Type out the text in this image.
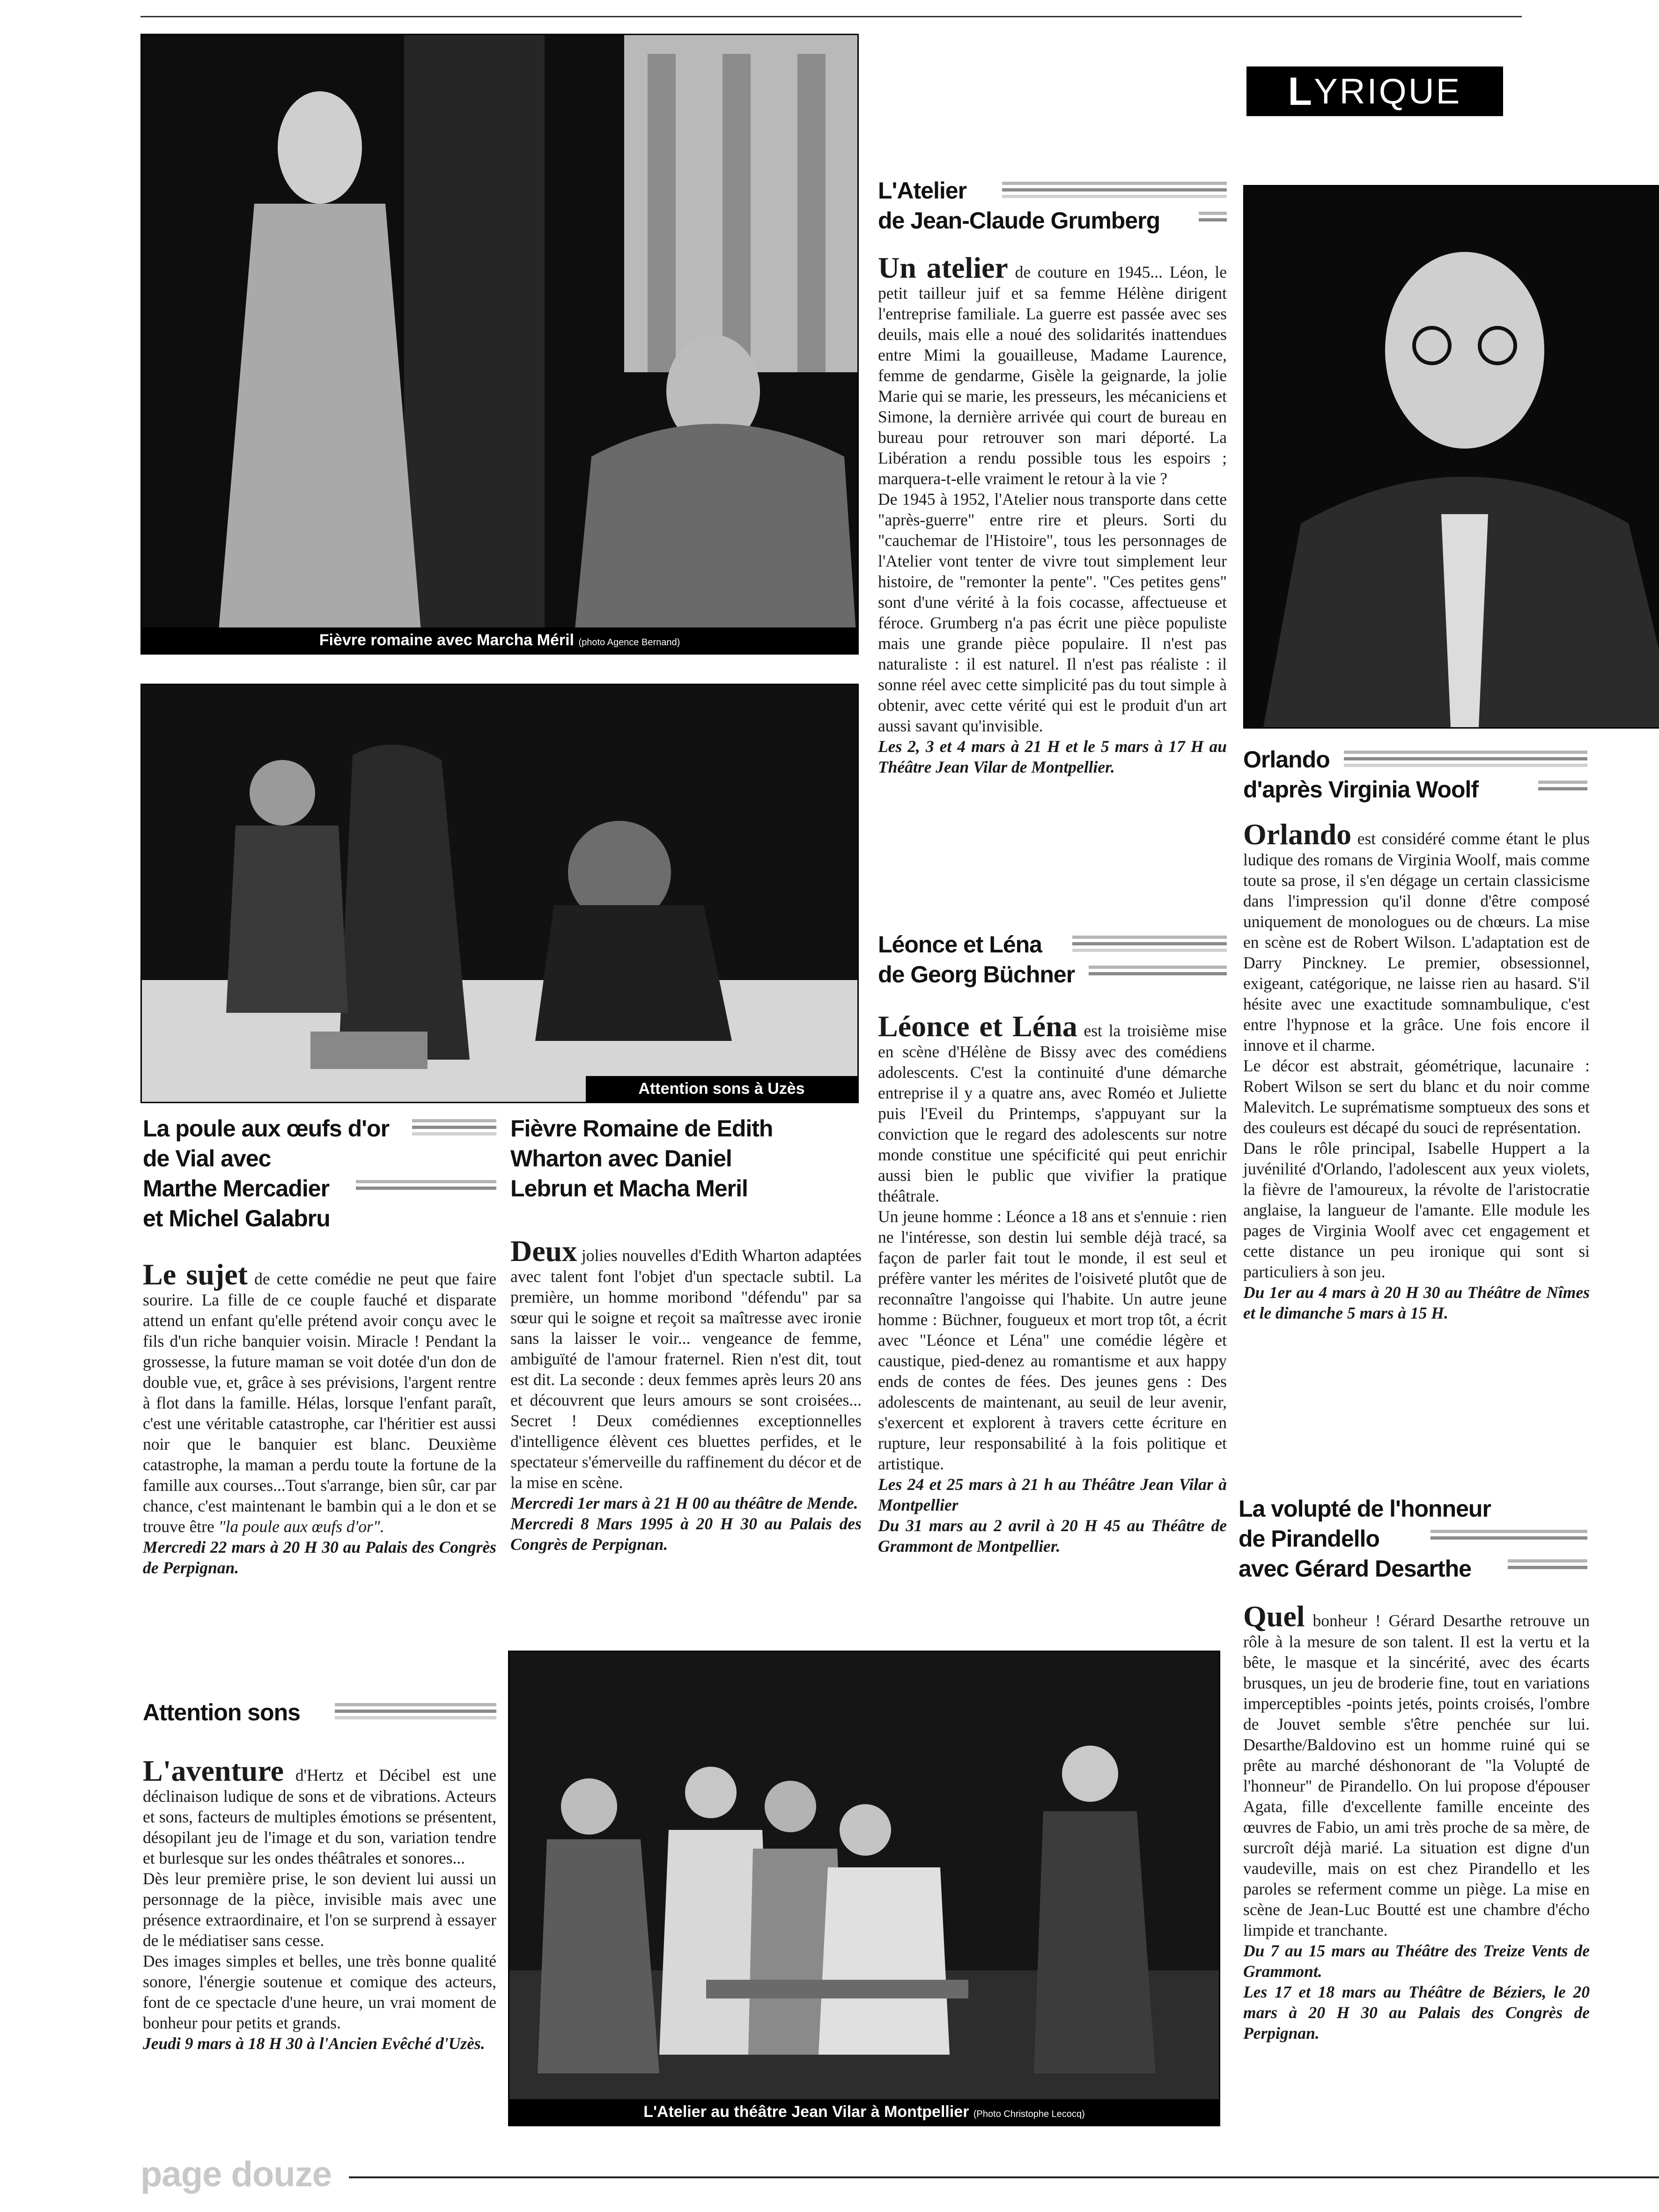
L YRIQUE
Fièvre romaine avec Marcha Méril (photo Agence Bernand)
Attention sons à Uzès
L'Atelier au théâtre Jean Vilar à Montpellier (Photo Christophe Lecocq)
La poule aux œufs d'or
de Vial avec
Marthe Mercadier
et Michel Galabru

Le sujet de cette comédie ne peut que faire sourire. La fille de ce couple fauché et disparate attend un enfant qu'elle prétend avoir conçu avec le fils d'un riche banquier voisin. Miracle ! Pendant la grossesse, la future maman se voit dotée d'un don de double vue, et, grâce à ses prévisions, l'argent rentre à flot dans la famille. Hélas, lorsque l'enfant paraît, c'est une véritable catastrophe, car l'héritier est aussi noir que le banquier est blanc. Deuxième catastrophe, la maman a perdu toute la fortune de la famille aux courses...Tout s'arrange, bien sûr, car par chance, c'est maintenant le bambin qui a le don et se trouve être "la poule aux œufs d'or".

Mercredi 22 mars à 20 H 30 au Palais des Congrès de Perpignan.

Attention sons

L'aventure d'Hertz et Décibel est une déclinaison ludique de sons et de vibrations. Acteurs et sons, facteurs de multiples émotions se présentent, désopilant jeu de l'image et du son, variation tendre et burlesque sur les ondes théâtrales et sonores...

Dès leur première prise, le son devient lui aussi un personnage de la pièce, invisible mais avec une présence extraordinaire, et l'on se surprend à essayer de le médiatiser sans cesse.

Des images simples et belles, une très bonne qualité sonore, l'énergie soutenue et comique des acteurs, font de ce spectacle d'une heure, un vrai moment de bonheur pour petits et grands.

Jeudi 9 mars à 18 H 30 à l'Ancien Evêché d'Uzès.

Fièvre Romaine de Edith
Wharton avec Daniel
Lebrun et Macha Meril

Deux jolies nouvelles d'Edith Wharton adaptées avec talent font l'objet d'un spectacle subtil. La première, un homme moribond "défendu" par sa sœur qui le soigne et reçoit sa maîtresse avec ironie sans la laisser le voir... vengeance de femme, ambiguïté de l'amour fraternel. Rien n'est dit, tout est dit. La seconde : deux femmes après leurs 20 ans et découvrent que leurs amours se sont croisées... Secret ! Deux comédiennes exceptionnelles d'intelligence élèvent ces bluettes perfides, et le spectateur s'émerveille du raffinement du décor et de la mise en scène.

Mercredi 1er mars à 21 H 00 au théâtre de Mende.

Mercredi 8 Mars 1995 à 20 H 30 au Palais des Congrès de Perpignan.

L'Atelier
de Jean-Claude Grumberg

Un atelier de couture en 1945... Léon, le petit tailleur juif et sa femme Hélène dirigent l'entreprise familiale. La guerre est passée avec ses deuils, mais elle a noué des solidarités inattendues entre Mimi la gouailleuse, Madame Laurence, femme de gendarme, Gisèle la geignarde, la jolie Marie qui se marie, les presseurs, les mécaniciens et Simone, la dernière arrivée qui court de bureau en bureau pour retrouver son mari déporté. La Libération a rendu possible tous les espoirs ; marquera-t-elle vraiment le retour à la vie ?

De 1945 à 1952, l'Atelier nous transporte dans cette "après-guerre" entre rire et pleurs. Sorti du "cauchemar de l'Histoire", tous les personnages de l'Atelier vont tenter de vivre tout simplement leur histoire, de "remonter la pente". "Ces petites gens" sont d'une vérité à la fois cocasse, affectueuse et féroce. Grumberg n'a pas écrit une pièce populiste mais une grande pièce populaire. Il n'est pas naturaliste : il est naturel. Il n'est pas réaliste : il sonne réel avec cette simplicité pas du tout simple à obtenir, avec cette vérité qui est le produit d'un art aussi savant qu'invisible.

Les 2, 3 et 4 mars à 21 H et le 5 mars à 17 H au Théâtre Jean Vilar de Montpellier.

Léonce et Léna
de Georg Büchner

Léonce et Léna est la troisième mise en scène d'Hélène de Bissy avec des comédiens adolescents. C'est la continuité d'une démarche entreprise il y a quatre ans, avec Roméo et Juliette puis l'Eveil du Printemps, s'appuyant sur la conviction que le regard des adolescents sur notre monde constitue une spécificité qui peut enrichir aussi bien le public que vivifier la pratique théâtrale.

Un jeune homme : Léonce a 18 ans et s'ennuie : rien ne l'intéresse, son destin lui semble déjà tracé, sa façon de parler fait tout le monde, il est seul et préfère vanter les mérites de l'oisiveté plutôt que de reconnaître l'angoisse qui l'habite. Un autre jeune homme : Büchner, fougueux et mort trop tôt, a écrit avec "Léonce et Léna" une comédie légère et caustique, pied-denez au romantisme et aux happy ends de contes de fées. Des jeunes gens : Des adolescents de maintenant, au seuil de leur avenir, s'exercent et explorent à travers cette écriture en rupture, leur responsabilité à la fois politique et artistique.

Les 24 et 25 mars à 21 h au Théâtre Jean Vilar à Montpellier

Du 31 mars au 2 avril à 20 H 45 au Théâtre de Grammont de Montpellier.

Orlando
d'après Virginia Woolf

Orlando est considéré comme étant le plus ludique des romans de Virginia Woolf, mais comme toute sa prose, il s'en dégage un certain classicisme dans l'impression qu'il donne d'être composé uniquement de monologues ou de chœurs. La mise en scène est de Robert Wilson. L'adaptation est de Darry Pinckney. Le premier, obsessionnel, exigeant, catégorique, ne laisse rien au hasard. S'il hésite avec une exactitude somnambulique, c'est entre l'hypnose et la grâce. Une fois encore il innove et il charme.

Le décor est abstrait, géométrique, lacunaire : Robert Wilson se sert du blanc et du noir comme Malevitch. Le suprématisme somptueux des sons et des couleurs est décapé du souci de représentation.

Dans le rôle principal, Isabelle Huppert a la juvénilité d'Orlando, l'adolescent aux yeux violets, la fièvre de l'amoureux, la révolte de l'aristocratie anglaise, la langueur de l'amante. Elle module les pages de Virginia Woolf avec cet engagement et cette distance un peu ironique qui sont si particuliers à son jeu.

Du 1er au 4 mars à 20 H 30 au Théâtre de Nîmes et le dimanche 5 mars à 15 H.

La volupté de l'honneur
de Pirandello
avec Gérard Desarthe

Quel bonheur ! Gérard Desarthe retrouve un rôle à la mesure de son talent. Il est la vertu et la bête, le masque et la sincérité, avec des écarts brusques, un jeu de broderie fine, tout en variations imperceptibles -points jetés, points croisés, l'ombre de Jouvet semble s'être penchée sur lui. Desarthe/Baldovino est un homme ruiné qui se prête au marché déshonorant de "la Volupté de l'honneur" de Pirandello. On lui propose d'épouser Agata, fille d'excellente famille enceinte des œuvres de Fabio, un ami très proche de sa mère, de surcroît déjà marié. La situation est digne d'un vaudeville, mais on est chez Pirandello et les paroles se referment comme un piège. La mise en scène de Jean-Luc Boutté est une chambre d'écho limpide et tranchante.

Du 7 au 15 mars au Théâtre des Treize Vents de Grammont.

Les 17 et 18 mars au Théâtre de Béziers, le 20 mars à 20 H 30 au Palais des Congrès de Perpignan.

page douze
